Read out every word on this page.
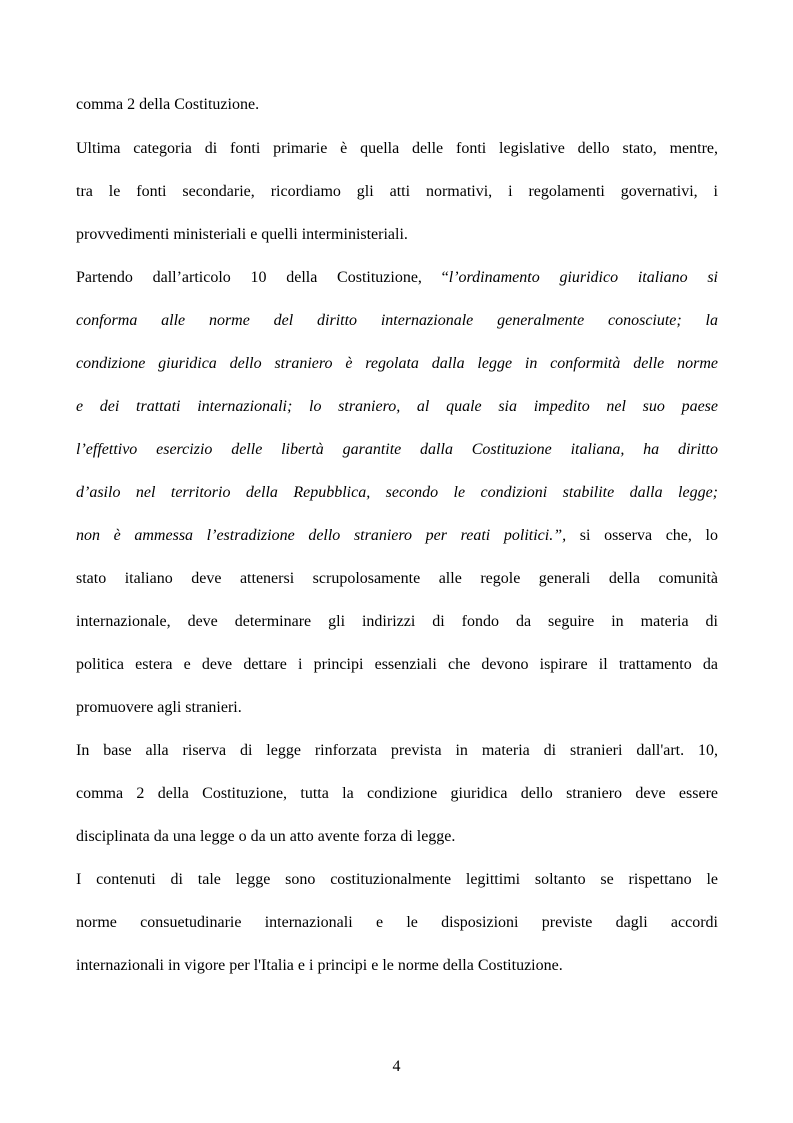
comma 2 della Costituzione.
Ultima categoria di fonti primarie è quella delle fonti legislative dello stato, mentre,
tra le fonti secondarie, ricordiamo gli atti normativi, i regolamenti governativi, i
provvedimenti ministeriali e quelli interministeriali.
Partendo dall’articolo 10 della Costituzione, “l’ordinamento giuridico italiano si
conforma alle norme del diritto internazionale generalmente conosciute; la
condizione giuridica dello straniero è regolata dalla legge in conformità delle norme
e dei trattati internazionali; lo straniero, al quale sia impedito nel suo paese
l’effettivo esercizio delle libertà garantite dalla Costituzione italiana, ha diritto
d’asilo nel territorio della Repubblica, secondo le condizioni stabilite dalla legge;
non è ammessa l’estradizione dello straniero per reati politici.”, si osserva che, lo
stato italiano deve attenersi scrupolosamente alle regole generali della comunità
internazionale, deve determinare gli indirizzi di fondo da seguire in materia di
politica estera e deve dettare i principi essenziali che devono ispirare il trattamento da
promuovere agli stranieri.
In base alla riserva di legge rinforzata prevista in materia di stranieri dall'art. 10,
comma 2 della Costituzione, tutta la condizione giuridica dello straniero deve essere
disciplinata da una legge o da un atto avente forza di legge.
I contenuti di tale legge sono costituzionalmente legittimi soltanto se rispettano le
norme consuetudinarie internazionali e le disposizioni previste dagli accordi
internazionali in vigore per l'Italia e i principi e le norme della Costituzione.
4
